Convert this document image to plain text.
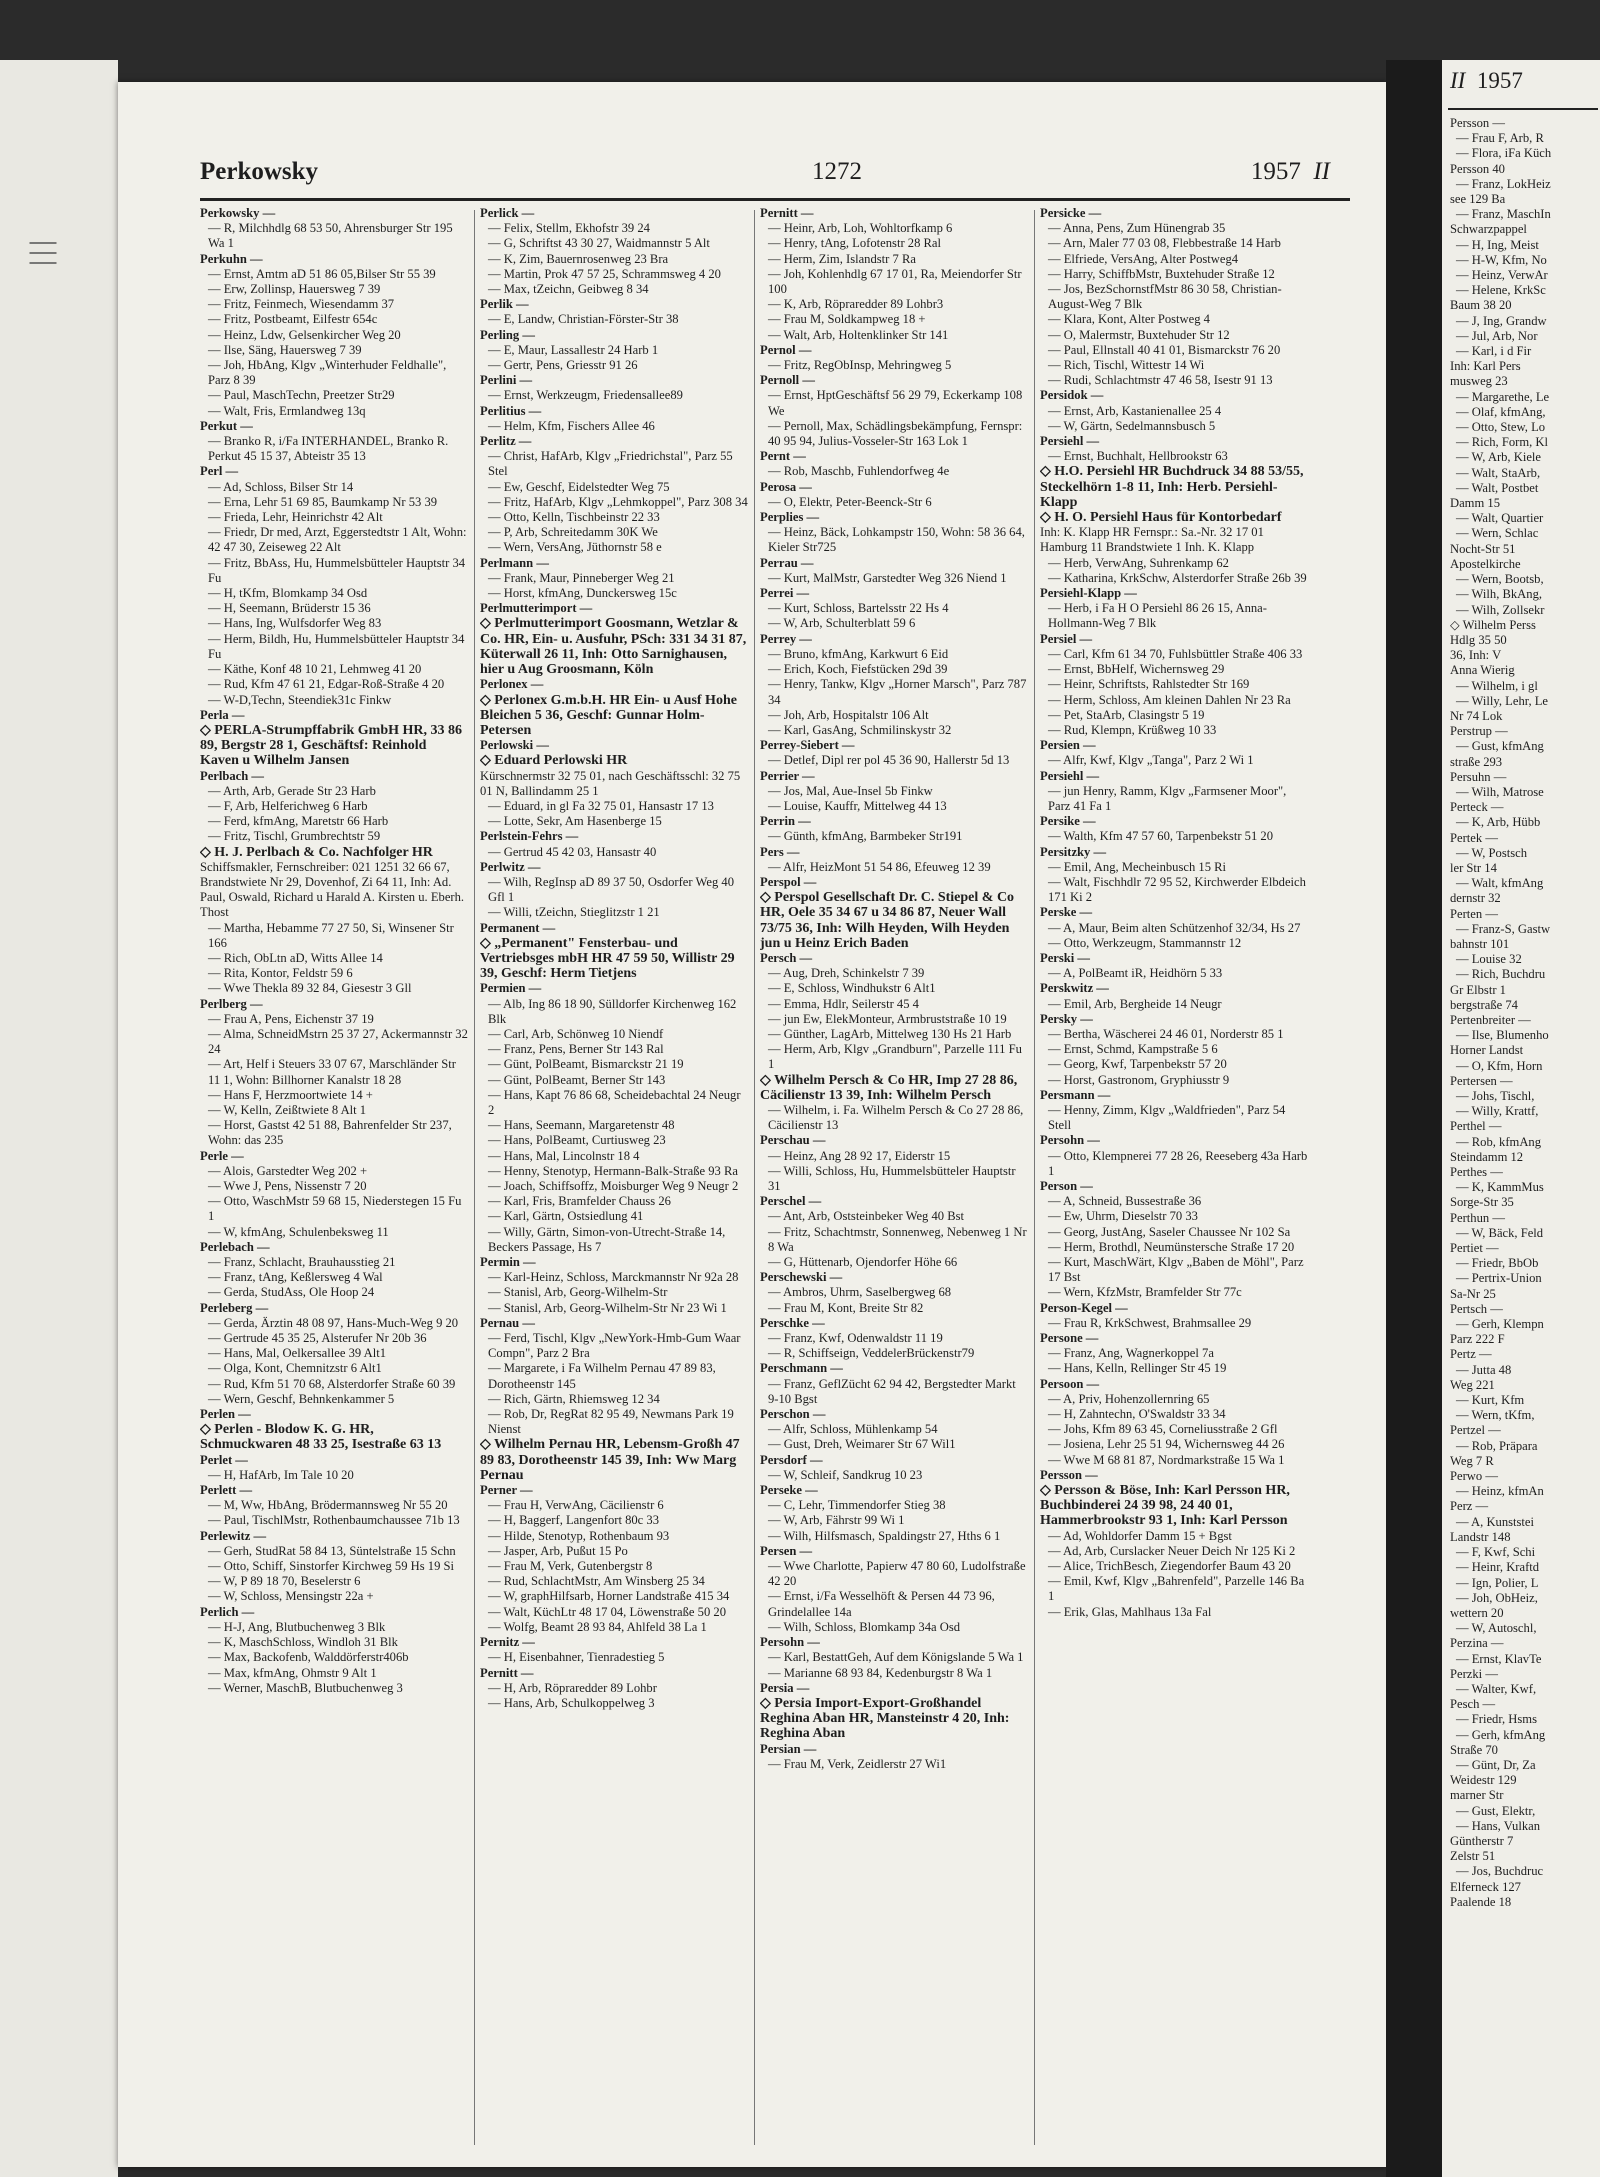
|||
Perkowsky	1272	1957 II
Perkowsky —
— R, Milchhdlg 68 53 50, Ahrensburger Str 195 Wa 1
Perkuhn —
— Ernst, Amtm aD 51 86 05,Bilser Str 55 39
— Erw, Zollinsp, Hauersweg 7 39
— Fritz, Feinmech, Wiesendamm 37
— Fritz, Postbeamt, Eilfestr 654c
— Heinz, Ldw, Gelsenkircher Weg 20
— Ilse, Säng, Hauersweg 7 39
— Joh, HbAng, Klgv „Winterhuder Feldhalle", Parz 8 39
— Paul, MaschTechn, Preetzer Str29
— Walt, Fris, Ermlandweg 13q
Perkut —
— Branko R, i/Fa INTERHANDEL, Branko R. Perkut 45 15 37, Abteistr 35 13
Perl —
— Ad, Schloss, Bilser Str 14
— Erna, Lehr 51 69 85, Baumkamp Nr 53 39
— Frieda, Lehr, Heinrichstr 42 Alt
— Friedr, Dr med, Arzt, Eggerstedtstr 1 Alt, Wohn: 42 47 30, Zeiseweg 22 Alt
— Fritz, BbAss, Hu, Hummelsbütteler Hauptstr 34 Fu
— H, tKfm, Blomkamp 34 Osd
— H, Seemann, Brüderstr 15 36
— Hans, Ing, Wulfsdorfer Weg 83
— Herm, Bildh, Hu, Hummelsbütteler Hauptstr 34 Fu
— Käthe, Konf 48 10 21, Lehmweg 41 20
— Rud, Kfm 47 61 21, Edgar-Roß-Straße 4 20
— W-D,Techn, Steendiek31c Finkw
Perla —
◇ PERLA-Strumpffabrik GmbH HR, 33 86 89, Bergstr 28 1, Geschäftsf: Reinhold Kaven u Wilhelm Jansen
Perlbach —
— Arth, Arb, Gerade Str 23 Harb
— F, Arb, Helferichweg 6 Harb
— Ferd, kfmAng, Maretstr 66 Harb
— Fritz, Tischl, Grumbrechtstr 59
◇ H. J. Perlbach & Co. Nachfolger HR
Schiffsmakler, Fernschreiber: 021 1251 32 66 67, Brandstwiete Nr 29, Dovenhof, Zi 64 11, Inh: Ad. Paul, Oswald, Richard u Harald A. Kirsten u. Eberh. Thost
— Martha, Hebamme 77 27 50, Si, Winsener Str 166
— Rich, ObLtn aD, Witts Allee 14
— Rita, Kontor, Feldstr 59 6
— Wwe Thekla 89 32 84, Giesestr 3 Gll
Perlberg —
— Frau A, Pens, Eichenstr 37 19
— Alma, SchneidMstrn 25 37 27, Ackermannstr 32 24
— Art, Helf i Steuers 33 07 67, Marschländer Str 11 1, Wohn: Billhorner Kanalstr 18 28
— Hans F, Herzmoortwiete 14 +
— W, Kelln, Zeißtwiete 8 Alt 1
— Horst, Gastst 42 51 88, Bahrenfelder Str 237, Wohn: das 235
Perle —
— Alois, Garstedter Weg 202 +
— Wwe J, Pens, Nissenstr 7 20
— Otto, WaschMstr 59 68 15, Niederstegen 15 Fu 1
— W, kfmAng, Schulenbeksweg 11
Perlebach —
— Franz, Schlacht, Brauhausstieg 21
— Franz, tAng, Keßlersweg 4 Wal
— Gerda, StudAss, Ole Hoop 24
Perleberg —
— Gerda, Ärztin 48 08 97, Hans-Much-Weg 9 20
— Gertrude 45 35 25, Alsterufer Nr 20b 36
— Hans, Mal, Oelkersallee 39 Alt1
— Olga, Kont, Chemnitzstr 6 Alt1
— Rud, Kfm 51 70 68, Alsterdorfer Straße 60 39
— Wern, Geschf, Behnkenkammer 5
Perlen —
◇ Perlen - Blodow K. G. HR, Schmuckwaren 48 33 25, Isestraße 63 13
Perlet —
— H, HafArb, Im Tale 10 20
Perlett —
— M, Ww, HbAng, Brödermannsweg Nr 55 20
— Paul, TischlMstr, Rothenbaumchaussee 71b 13
Perlewitz —
— Gerh, StudRat 58 84 13, Süntelstraße 15 Schn
— Otto, Schiff, Sinstorfer Kirchweg 59 Hs 19 Si
— W, P 89 18 70, Beselerstr 6
— W, Schloss, Mensingstr 22a +
Perlich —
— H-J, Ang, Blutbuchenweg 3 Blk
— K, MaschSchloss, Windloh 31 Blk
— Max, Backofenb, Walddörferstr406b
— Max, kfmAng, Ohmstr 9 Alt 1
— Werner, MaschB, Blutbuchenweg 3
Perlick —
— Felix, Stellm, Ekhofstr 39 24
— G, Schriftst 43 30 27, Waidmannstr 5 Alt
— K, Zim, Bauernrosenweg 23 Bra
— Martin, Prok 47 57 25, Schrammsweg 4 20
— Max, tZeichn, Geibweg 8 34
Perlik —
— E, Landw, Christian-Förster-Str 38
Perling —
— E, Maur, Lassallestr 24 Harb 1
— Gertr, Pens, Griesstr 91 26
Perlini —
— Ernst, Werkzeugm, Friedensallee89
Perlitius —
— Helm, Kfm, Fischers Allee 46
Perlitz —
— Christ, HafArb, Klgv „Friedrichstal", Parz 55 Stel
— Ew, Geschf, Eidelstedter Weg 75
— Fritz, HafArb, Klgv „Lehmkoppel", Parz 308 34
— Otto, Kelln, Tischbeinstr 22 33
— P, Arb, Schreitedamm 30K We
— Wern, VersAng, Jüthornstr 58 e
Perlmann —
— Frank, Maur, Pinneberger Weg 21
— Horst, kfmAng, Dunckersweg 15c
Perlmutterimport —
◇ Perlmutterimport Goosmann, Wetzlar & Co. HR, Ein- u. Ausfuhr, PSch: 331 34 31 87, Küterwall 26 11, Inh: Otto Sarnighausen, hier u Aug Groosmann, Köln
Perlonex —
◇ Perlonex G.m.b.H. HR Ein- u Ausf Hohe Bleichen 5 36, Geschf: Gunnar Holm-Petersen
Perlowski —
◇ Eduard Perlowski HR
Kürschnermstr 32 75 01, nach Geschäftsschl: 32 75 01 N, Ballindamm 25 1
— Eduard, in gl Fa 32 75 01, Hansastr 17 13
— Lotte, Sekr, Am Hasenberge 15
Perlstein-Fehrs —
— Gertrud 45 42 03, Hansastr 40
Perlwitz —
— Wilh, RegInsp aD 89 37 50, Osdorfer Weg 40 Gfl 1
— Willi, tZeichn, Stieglitzstr 1 21
Permanent —
◇ „Permanent" Fensterbau- und Vertriebsges mbH HR 47 59 50, Willistr 29 39, Geschf: Herm Tietjens
Permien —
— Alb, Ing 86 18 90, Sülldorfer Kirchenweg 162 Blk
— Carl, Arb, Schönweg 10 Niendf
— Franz, Pens, Berner Str 143 Ral
— Günt, PolBeamt, Bismarckstr 21 19
— Günt, PolBeamt, Berner Str 143
— Hans, Kapt 76 86 68, Scheidebachtal 24 Neugr 2
— Hans, Seemann, Margaretenstr 48
— Hans, PolBeamt, Curtiusweg 23
— Hans, Mal, Lincolnstr 18 4
— Henny, Stenotyp, Hermann-Balk-Straße 93 Ra
— Joach, Schiffsoffz, Moisburger Weg 9 Neugr 2
— Karl, Fris, Bramfelder Chauss 26
— Karl, Gärtn, Ostsiedlung 41
— Willy, Gärtn, Simon-von-Utrecht-Straße 14, Beckers Passage, Hs 7
Permin —
— Karl-Heinz, Schloss, Marckmannstr Nr 92a 28
— Stanisl, Arb, Georg-Wilhelm-Str
— Stanisl, Arb, Georg-Wilhelm-Str Nr 23 Wi 1
Pernau —
— Ferd, Tischl, Klgv „NewYork-Hmb-Gum Waar Compn", Parz 2 Bra
— Margarete, i Fa Wilhelm Pernau 47 89 83, Dorotheenstr 145
— Rich, Gärtn, Rhiemsweg 12 34
— Rob, Dr, RegRat 82 95 49, Newmans Park 19 Nienst
◇ Wilhelm Pernau HR, Lebensm-Großh 47 89 83, Dorotheenstr 145 39, Inh: Ww Marg Pernau
Perner —
— Frau H, VerwAng, Cäcilienstr 6
— H, Baggerf, Langenfort 80c 33
— Hilde, Stenotyp, Rothenbaum 93
— Jasper, Arb, Pußut 15 Po
— Frau M, Verk, Gutenbergstr 8
— Rud, SchlachtMstr, Am Winsberg 25 34
— W, graphHilfsarb, Horner Landstraße 415 34
— Walt, KüchLtr 48 17 04, Löwenstraße 50 20
— Wolfg, Beamt 28 93 84, Ahlfeld 38 La 1
Pernitz —
— H, Eisenbahner, Tienradestieg 5
Pernitt —
— H, Arb, Röpraredder 89 Lohbr
— Hans, Arb, Schulkoppelweg 3
Pernitt —
— Heinr, Arb, Loh, Wohltorfkamp 6
— Henry, tAng, Lofotenstr 28 Ral
— Herm, Zim, Islandstr 7 Ra
— Joh, Kohlenhdlg 67 17 01, Ra, Meiendorfer Str 100
— K, Arb, Röpraredder 89 Lohbr3
— Frau M, Soldkampweg 18 +
— Walt, Arb, Holtenklinker Str 141
Pernol —
— Fritz, RegObInsp, Mehringweg 5
Pernoll —
— Ernst, HptGeschäftsf 56 29 79, Eckerkamp 108 We
— Pernoll, Max, Schädlingsbekämpfung, Fernspr: 40 95 94, Julius-Vosseler-Str 163 Lok 1
Pernt —
— Rob, Maschb, Fuhlendorfweg 4e
Perosa —
— O, Elektr, Peter-Beenck-Str 6
Perplies —
— Heinz, Bäck, Lohkampstr 150, Wohn: 58 36 64, Kieler Str725
Perrau —
— Kurt, MalMstr, Garstedter Weg 326 Niend 1
Perrei —
— Kurt, Schloss, Bartelsstr 22 Hs 4
— W, Arb, Schulterblatt 59 6
Perrey —
— Bruno, kfmAng, Karkwurt 6 Eid
— Erich, Koch, Fiefstücken 29d 39
— Henry, Tankw, Klgv „Horner Marsch", Parz 787 34
— Joh, Arb, Hospitalstr 106 Alt
— Karl, GasAng, Schmilinskystr 32
Perrey-Siebert —
— Detlef, Dipl rer pol 45 36 90, Hallerstr 5d 13
Perrier —
— Jos, Mal, Aue-Insel 5b Finkw
— Louise, Kauffr, Mittelweg 44 13
Perrin —
— Günth, kfmAng, Barmbeker Str191
Pers —
— Alfr, HeizMont 51 54 86, Efeuweg 12 39
Perspol —
◇ Perspol Gesellschaft Dr. C. Stiepel & Co HR, Oele 35 34 67 u 34 86 87, Neuer Wall 73/75 36, Inh: Wilh Heyden, Wilh Heyden jun u Heinz Erich Baden
Persch —
— Aug, Dreh, Schinkelstr 7 39
— E, Schloss, Windhukstr 6 Alt1
— Emma, Hdlr, Seilerstr 45 4
— jun Ew, ElekMonteur, Armbruststraße 10 19
— Günther, LagArb, Mittelweg 130 Hs 21 Harb
— Herm, Arb, Klgv „Grandburn", Parzelle 111 Fu 1
◇ Wilhelm Persch & Co HR, Imp 27 28 86, Cäcilienstr 13 39, Inh: Wilhelm Persch
— Wilhelm, i. Fa. Wilhelm Persch & Co 27 28 86, Cäcilienstr 13
Perschau —
— Heinz, Ang 28 92 17, Eiderstr 15
— Willi, Schloss, Hu, Hummelsbütteler Hauptstr 31
Perschel —
— Ant, Arb, Oststeinbeker Weg 40 Bst
— Fritz, Schachtmstr, Sonnenweg, Nebenweg 1 Nr 8 Wa
— G, Hüttenarb, Ojendorfer Höhe 66
Perschewski —
— Ambros, Uhrm, Saselbergweg 68
— Frau M, Kont, Breite Str 82
Perschke —
— Franz, Kwf, Odenwaldstr 11 19
— R, Schiffseign, VeddelerBrückenstr79
Perschmann —
— Franz, GeflZücht 62 94 42, Bergstedter Markt 9-10 Bgst
Perschon —
— Alfr, Schloss, Mühlenkamp 54
— Gust, Dreh, Weimarer Str 67 Wil1
Persdorf —
— W, Schleif, Sandkrug 10 23
Perseke —
— C, Lehr, Timmendorfer Stieg 38
— W, Arb, Fährstr 99 Wi 1
— Wilh, Hilfsmasch, Spaldingstr 27, Hths 6 1
Persen —
— Wwe Charlotte, Papierw 47 80 60, Ludolfstraße 42 20
— Ernst, i/Fa Wesselhöft & Persen 44 73 96, Grindelallee 14a
— Wilh, Schloss, Blomkamp 34a Osd
Persohn —
— Karl, BestattGeh, Auf dem Königslande 5 Wa 1
— Marianne 68 93 84, Kedenburgstr 8 Wa 1
Persia —
◇ Persia Import-Export-Großhandel Reghina Aban HR, Mansteinstr 4 20, Inh: Reghina Aban
Persian —
— Frau M, Verk, Zeidlerstr 27 Wi1
Persicke —
— Anna, Pens, Zum Hünengrab 35
— Arn, Maler 77 03 08, Flebbestraße 14 Harb
— Elfriede, VersAng, Alter Postweg4
— Harry, SchiffbMstr, Buxtehuder Straße 12
— Jos, BezSchornstfMstr 86 30 58, Christian-August-Weg 7 Blk
— Klara, Kont, Alter Postweg 4
— O, Malermstr, Buxtehuder Str 12
— Paul, Ellnstall 40 41 01, Bismarckstr 76 20
— Rich, Tischl, Wittestr 14 Wi
— Rudi, Schlachtmstr 47 46 58, Isestr 91 13
Persidok —
— Ernst, Arb, Kastanienallee 25 4
— W, Gärtn, Sedelmannsbusch 5
Persiehl —
— Ernst, Buchhalt, Hellbrookstr 63
◇ H.O. Persiehl HR Buchdruck 34 88 53/55, Steckelhörn 1-8 11, Inh: Herb. Persiehl-Klapp
◇ H. O. Persiehl Haus für Kontorbedarf
Inh: K. Klapp HR Fernspr.: Sa.-Nr. 32 17 01 Hamburg 11 Brandstwiete 1 Inh. K. Klapp
— Herb, VerwAng, Suhrenkamp 62
— Katharina, KrkSchw, Alsterdorfer Straße 26b 39
Persiehl-Klapp —
— Herb, i Fa H O Persiehl 86 26 15, Anna-Hollmann-Weg 7 Blk
Persiel —
— Carl, Kfm 61 34 70, Fuhlsbüttler Straße 406 33
— Ernst, BbHelf, Wichernsweg 29
— Heinr, Schriftsts, Rahlstedter Str 169
— Herm, Schloss, Am kleinen Dahlen Nr 23 Ra
— Pet, StaArb, Clasingstr 5 19
— Rud, Klempn, Krüßweg 10 33
Persien —
— Alfr, Kwf, Klgv „Tanga", Parz 2 Wi 1
Persiehl —
— jun Henry, Ramm, Klgv „Farmsener Moor", Parz 41 Fa 1
Persike —
— Walth, Kfm 47 57 60, Tarpenbekstr 51 20
Persitzky —
— Emil, Ang, Mecheinbusch 15 Ri
— Walt, Fischhdlr 72 95 52, Kirchwerder Elbdeich 171 Ki 2
Perske —
— A, Maur, Beim alten Schützenhof 32/34, Hs 27
— Otto, Werkzeugm, Stammannstr 12
Perski —
— A, PolBeamt iR, Heidhörn 5 33
Perskwitz —
— Emil, Arb, Bergheide 14 Neugr
Persky —
— Bertha, Wäscherei 24 46 01, Norderstr 85 1
— Ernst, Schmd, Kampstraße 5 6
— Georg, Kwf, Tarpenbekstr 57 20
— Horst, Gastronom, Gryphiusstr 9
Persmann —
— Henny, Zimm, Klgv „Waldfrieden", Parz 54 Stell
Persohn —
— Otto, Klempnerei 77 28 26, Reeseberg 43a Harb 1
Person —
— A, Schneid, Bussestraße 36
— Ew, Uhrm, Dieselstr 70 33
— Georg, JustAng, Saseler Chaussee Nr 102 Sa
— Herm, Brothdl, Neumünstersche Straße 17 20
— Kurt, MaschWärt, Klgv „Baben de Möhl", Parz 17 Bst
— Wern, KfzMstr, Bramfelder Str 77c
Person-Kegel —
— Frau R, KrkSchwest, Brahmsallee 29
Persone —
— Franz, Ang, Wagnerkoppel 7a
— Hans, Kelln, Rellinger Str 45 19
Persoon —
— A, Priv, Hohenzollernring 65
— H, Zahntechn, O'Swaldstr 33 34
— Johs, Kfm 89 63 45, Corneliusstraße 2 Gfl
— Josiena, Lehr 25 51 94, Wichernsweg 44 26
— Wwe M 68 81 87, Nordmarkstraße 15 Wa 1
Persson —
◇ Persson & Böse, Inh: Karl Persson HR, Buchbinderei 24 39 98, 24 40 01, Hammerbrookstr 93 1, Inh: Karl Persson
— Ad, Wohldorfer Damm 15 + Bgst
— Ad, Arb, Curslacker Neuer Deich Nr 125 Ki 2
— Alice, TrichBesch, Ziegendorfer Baum 43 20
— Emil, Kwf, Klgv „Bahrenfeld", Parzelle 146 Ba 1
— Erik, Glas, Mahlhaus 13a Fal
II 1957
Persson —
— Frau F, Arb, R
— Flora, iFa Küch
Persson 40
— Franz, LokHeiz
see 129 Ba
— Franz, MaschIn
Schwarzpappel
— H, Ing, Meist
— H-W, Kfm, No
— Heinz, VerwAr
— Helene, KrkSc
Baum 38 20
— J, Ing, Grandw
— Jul, Arb, Nor
— Karl, i d Fir
Inh: Karl Pers
musweg 23
— Margarethe, Le
— Olaf, kfmAng,
— Otto, Stew, Lo
— Rich, Form, Kl
— W, Arb, Kiele
— Walt, StaArb,
— Walt, Postbet
Damm 15
— Walt, Quartier
— Wern, Schlac
Nocht-Str 51
Apostelkirche
— Wern, Bootsb,
— Wilh, BkAng,
— Wilh, Zollsekr
◇ Wilhelm Perss
Hdlg 35 50
36, Inh: V
Anna Wierig
— Wilhelm, i gl
— Willy, Lehr, Le
Nr 74 Lok
Perstrup —
— Gust, kfmAng
straße 293
Persuhn —
— Wilh, Matrose
Perteck —
— K, Arb, Hübb
Pertek —
— W, Postsch
ler Str 14
— Walt, kfmAng
dernstr 32
Perten —
— Franz-S, Gastw
bahnstr 101
— Louise 32
— Rich, Buchdru
Gr Elbstr 1
bergstraße 74
Pertenbreiter —
— Ilse, Blumenho
Horner Landst
— O, Kfm, Horn
Pertersen —
— Johs, Tischl,
— Willy, Krattf,
Perthel —
— Rob, kfmAng
Steindamm 12
Perthes —
— K, KammMus
Sorge-Str 35
Perthun —
— W, Bäck, Feld
Pertiet —
— Friedr, BbOb
— Pertrix-Union
Sa-Nr 25
Pertsch —
— Gerh, Klempn
Parz 222 F
Pertz —
— Jutta 48
Weg 221
— Kurt, Kfm
— Wern, tKfm,
Pertzel —
— Rob, Präpara
Weg 7 R
Perwo —
— Heinz, kfmAn
Perz —
— A, Kunststei
Landstr 148
— F, Kwf, Schi
— Heinr, Kraftd
— Ign, Polier, L
— Joh, ObHeiz,
wettern 20
— W, Autoschl,
Perzina —
— Ernst, KlavTe
Perzki —
— Walter, Kwf,
Pesch —
— Friedr, Hsms
— Gerh, kfmAng
Straße 70
— Günt, Dr, Za
Weidestr 129
marner Str
— Gust, Elektr,
— Hans, Vulkan
Güntherstr 7
Zelstr 51
— Jos, Buchdruc
Elferneck 127
Paalende 18
